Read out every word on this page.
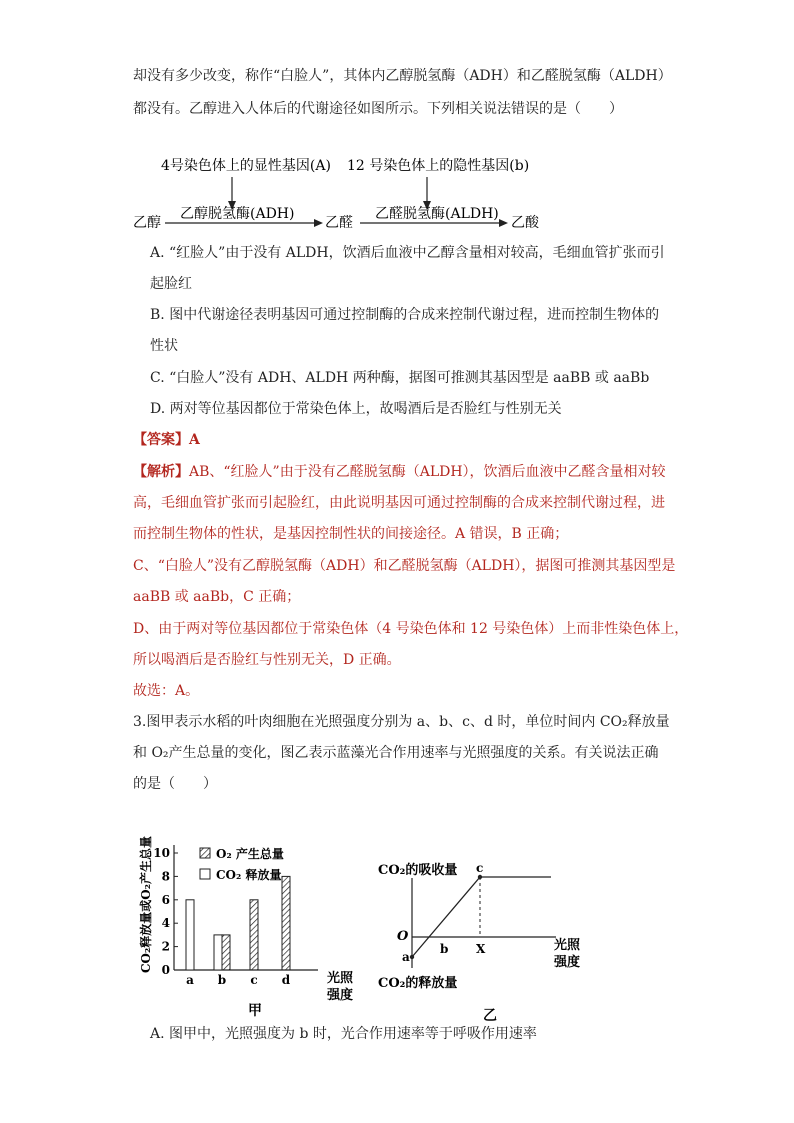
却没有多少改变，称作“白脸人”，其体内乙醇脱氢酶（ADH）和乙醛脱氢酶（ALDH）
都没有。乙醇进入人体后的代谢途径如图所示。下列相关说法错误的是（　　）
4号染色体上的显性基因(A) 12 号染色体上的隐性基因(b)
乙醇
乙醇脱氢酶(ADH)
乙醛
乙醛脱氢酶(ALDH)
乙酸
A. “红脸人”由于没有 ALDH，饮酒后血液中乙醇含量相对较高，毛细血管扩张而引
起脸红
B. 图中代谢途径表明基因可通过控制酶的合成来控制代谢过程，进而控制生物体的
性状
C. “白脸人”没有 ADH、ALDH 两种酶，据图可推测其基因型是 aaBB 或 aaBb
D. 两对等位基因都位于常染色体上，故喝酒后是否脸红与性别无关
【答案】A
【解析】AB、“红脸人”由于没有乙醛脱氢酶（ALDH），饮酒后血液中乙醛含量相对较
高，毛细血管扩张而引起脸红，由此说明基因可通过控制酶的合成来控制代谢过程，进
而控制生物体的性状，是基因控制性状的间接途径。A 错误，B 正确；
C、“白脸人”没有乙醇脱氢酶（ADH）和乙醛脱氢酶（ALDH），据图可推测其基因型是
aaBB 或 aaBb，C 正确；
D、由于两对等位基因都位于常染色体（4 号染色体和 12 号染色体）上而非性染色体上，
所以喝酒后是否脸红与性别无关，D 正确。
故选：A。
3.图甲表示水稻的叶肉细胞在光照强度分别为 a、b、c、d 时，单位时间内 CO₂释放量
和 O₂产生总量的变化，图乙表示蓝藻光合作用速率与光照强度的关系。有关说法正确
的是（　　）
CO₂释放量或O₂产生总量 0
2
4
6
8
10
a b c d
O₂ 产生总量
CO₂ 释放量
光照
强度
甲
CO₂的吸收量
O
a
c
b X	光照
强度
CO₂的释放量
乙
A. 图甲中，光照强度为 b 时，光合作用速率等于呼吸作用速率
